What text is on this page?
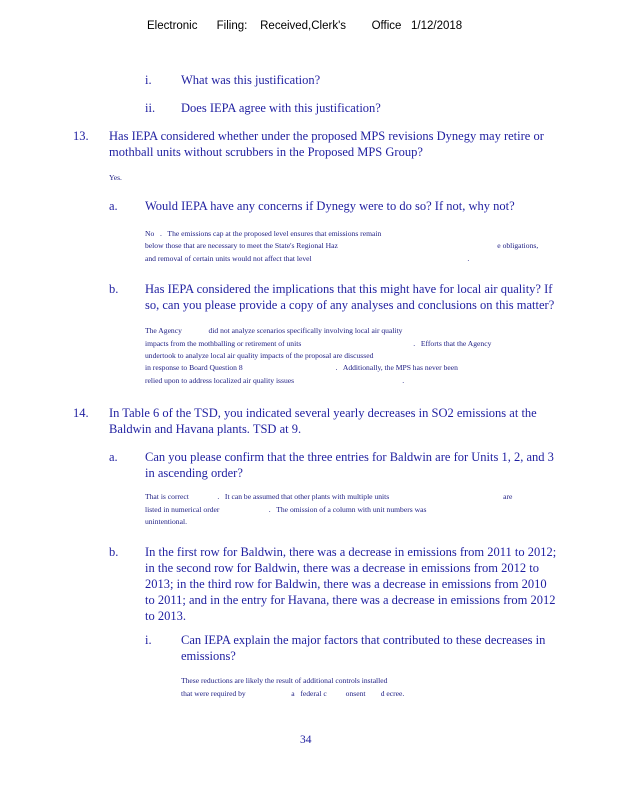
Electronic      Filing:    Received,Clerk's        Office   1/12/2018
i. What was this justification?
ii. Does IEPA agree with this justification?
13. Has IEPA considered whether under the proposed MPS revisions Dynegy may retire or
mothball units without scrubbers in the Proposed MPS Group?
Yes.
a. Would IEPA have any concerns if Dynegy were to do so? If not, why not?
No   .   The emissions cap at the proposed level ensures that emissions remain
below those that are necessary to meet the State's Regional Haz                                                                                    e obligations,
and removal of certain units would not affect that level                                                                                  .
b. Has IEPA considered the implications that this might have for local air quality? If
so, can you please provide a copy of any analyses and conclusions on this matter?
The Agency              did not analyze scenarios specifically involving local air quality
impacts from the mothballing or retirement of units                                                           .   Efforts that the Agency
undertook to analyze local air quality impacts of the proposal are discussed
in response to Board Question 8                                                 .   Additionally, the MPS has never been
relied upon to address localized air quality issues                                                         .
14. In Table 6 of the TSD, you indicated several yearly decreases in SO2 emissions at the
Baldwin and Havana plants. TSD at 9.
a. Can you please confirm that the three entries for Baldwin are for Units 1, 2, and 3
in ascending order?
That is correct               .   It can be assumed that other plants with multiple units                                                            are
listed in numerical order                          .   The omission of a column with unit numbers was
unintentional.
b. In the first row for Baldwin, there was a decrease in emissions from 2011 to 2012;
in the second row for Baldwin, there was a decrease in emissions from 2012 to
2013; in the third row for Baldwin, there was a decrease in emissions from 2010
to 2011; and in the entry for Havana, there was a decrease in emissions from 2012
to 2013.
i. Can IEPA explain the major factors that contributed to these decreases in
emissions?
These reductions are likely the result of additional controls installed
that were required by                        a   federal c          onsent        d ecree.
34
